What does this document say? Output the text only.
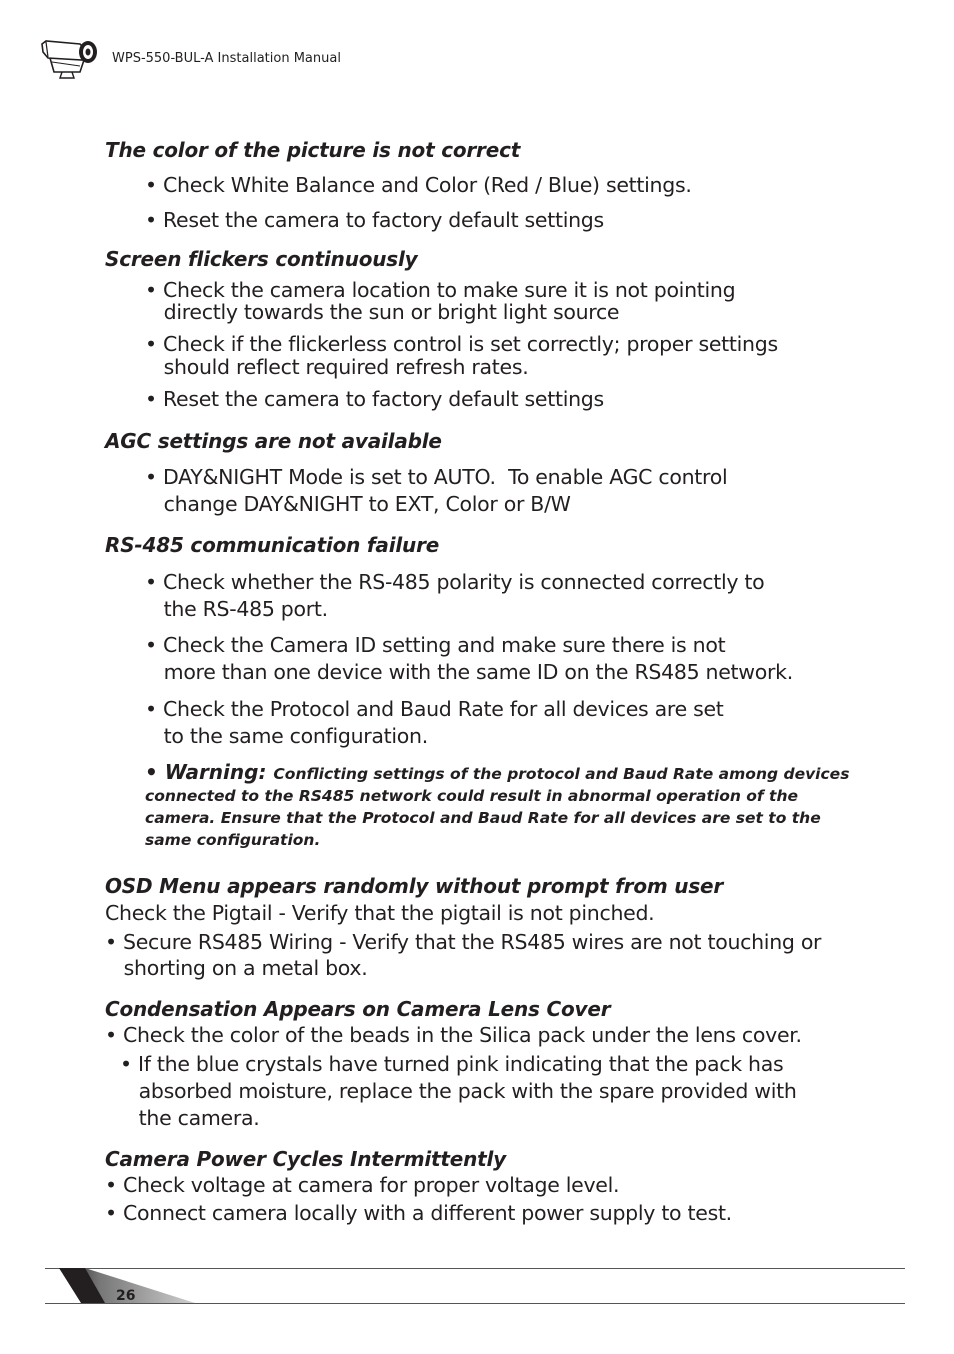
WPS-550-BUL-A Installation Manual
The color of the picture is not correct
• Check White Balance and Color (Red / Blue) settings.
• Reset the camera to factory default settings
Screen flickers continuously
• Check the camera location to make sure it is not pointing
directly towards the sun or bright light source
• Check if the flickerless control is set correctly; proper settings
should reflect required refresh rates.
• Reset the camera to factory default settings
AGC settings are not available
• DAY&NIGHT Mode is set to AUTO.  To enable AGC control
change DAY&NIGHT to EXT, Color or B/W
RS-485 communication failure
• Check whether the RS-485 polarity is connected correctly to
the RS-485 port.
• Check the Camera ID setting and make sure there is not
more than one device with the same ID on the RS485 network.
• Check the Protocol and Baud Rate for all devices are set
to the same configuration.
• Warning: Conflicting settings of the protocol and Baud Rate among devices
connected to the RS485 network could result in abnormal operation of the
camera. Ensure that the Protocol and Baud Rate for all devices are set to the
same configuration.
OSD Menu appears randomly without prompt from user
Check the Pigtail - Verify that the pigtail is not pinched.
• Secure RS485 Wiring - Verify that the RS485 wires are not touching or
shorting on a metal box.
Condensation Appears on Camera Lens Cover
• Check the color of the beads in the Silica pack under the lens cover.
• If the blue crystals have turned pink indicating that the pack has
absorbed moisture, replace the pack with the spare provided with
the camera.
Camera Power Cycles Intermittently
• Check voltage at camera for proper voltage level.
• Connect camera locally with a different power supply to test.
26
